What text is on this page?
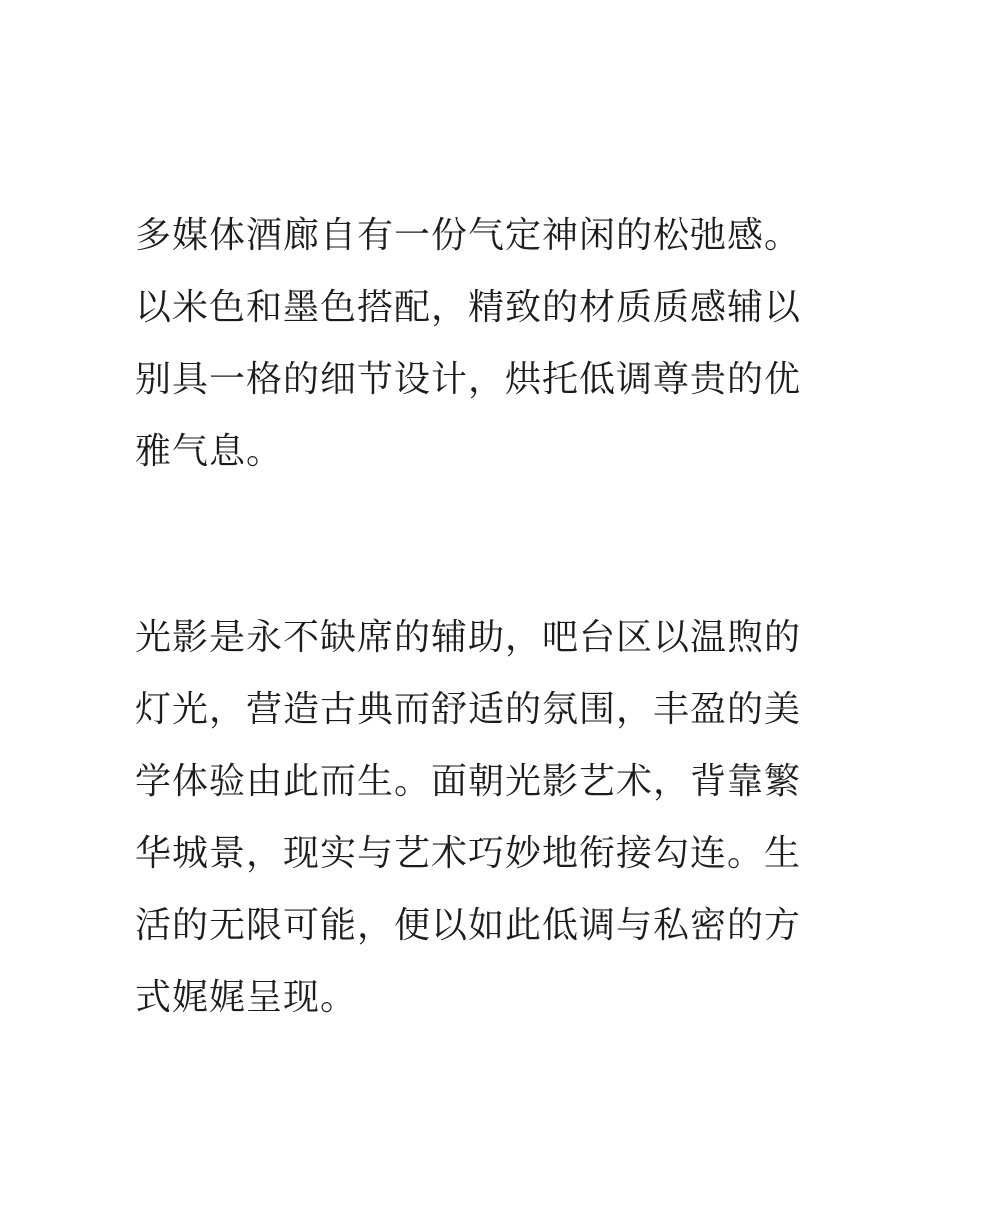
多媒体酒廊自有一份气定神闲的松弛感。
以米色和墨色搭配，精致的材质质感辅以
别具一格的细节设计，烘托低调尊贵的优
雅气息。
光影是永不缺席的辅助，吧台区以温煦的
灯光，营造古典而舒适的氛围，丰盈的美
学体验由此而生。面朝光影艺术，背靠繁
华城景，现实与艺术巧妙地衔接勾连。生
活的无限可能，便以如此低调与私密的方
式娓娓呈现。
